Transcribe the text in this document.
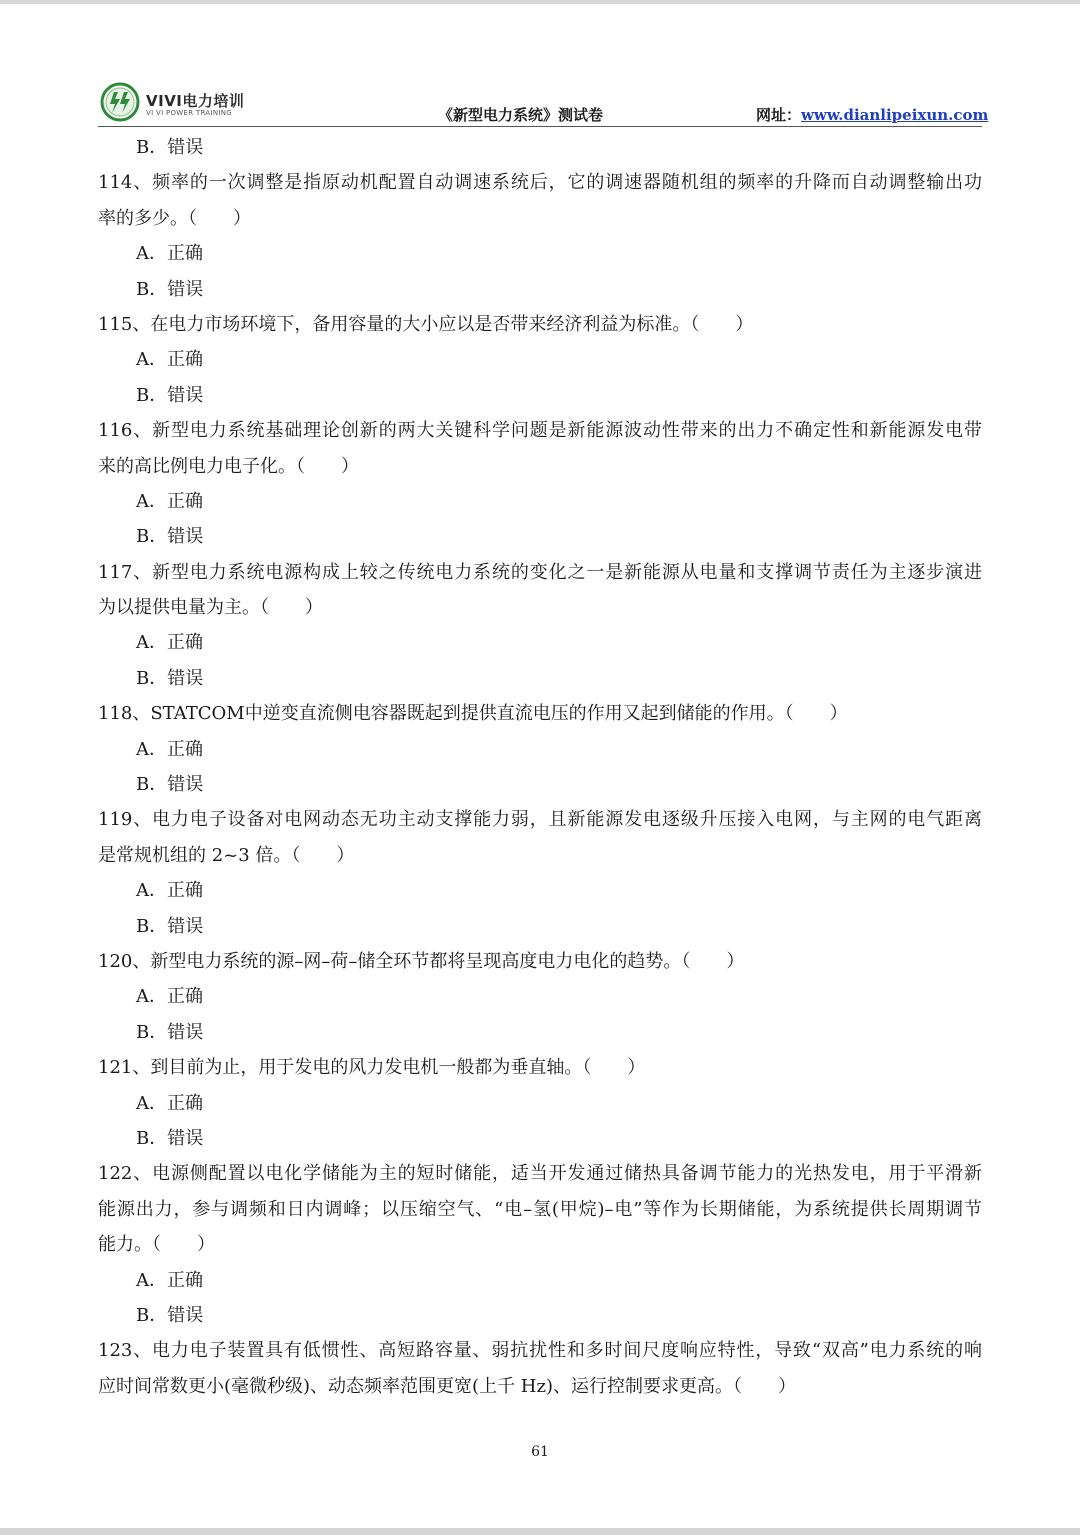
VIVI电力培训
VI VI POWER TRAINING	《新型电力系统》测试卷	网址：www.dianlipeixun.com
B．错误
114、频率的一次调整是指原动机配置自动调速系统后，它的调速器随机组的频率的升降而自动调整输出功
率的多少。（　　）
A．正确
B．错误
115、在电力市场环境下，备用容量的大小应以是否带来经济利益为标准。（　　）
A．正确
B．错误
116、新型电力系统基础理论创新的两大关键科学问题是新能源波动性带来的出力不确定性和新能源发电带
来的高比例电力电子化。（　　）
A．正确
B．错误
117、新型电力系统电源构成上较之传统电力系统的变化之一是新能源从电量和支撑调节责任为主逐步演进
为以提供电量为主。（　　）
A．正确
B．错误
118、STATCOM中逆变直流侧电容器既起到提供直流电压的作用又起到储能的作用。（　　）
A．正确
B．错误
119、电力电子设备对电网动态无功主动支撑能力弱，且新能源发电逐级升压接入电网，与主网的电气距离
是常规机组的 2~3 倍。（　　）
A．正确
B．错误
120、新型电力系统的源–网–荷–储全环节都将呈现高度电力电化的趋势。（　　）
A．正确
B．错误
121、到目前为止，用于发电的风力发电机一般都为垂直轴。（　　）
A．正确
B．错误
122、电源侧配置以电化学储能为主的短时储能，适当开发通过储热具备调节能力的光热发电，用于平滑新
能源出力，参与调频和日内调峰；以压缩空气、“电–氢(甲烷)–电”等作为长期储能，为系统提供长周期调节
能力。（　　）
A．正确
B．错误
123、电力电子装置具有低惯性、高短路容量、弱抗扰性和多时间尺度响应特性，导致“双高”电力系统的响
应时间常数更小(毫微秒级)、动态频率范围更宽(上千 Hz)、运行控制要求更高。（　　）
61
